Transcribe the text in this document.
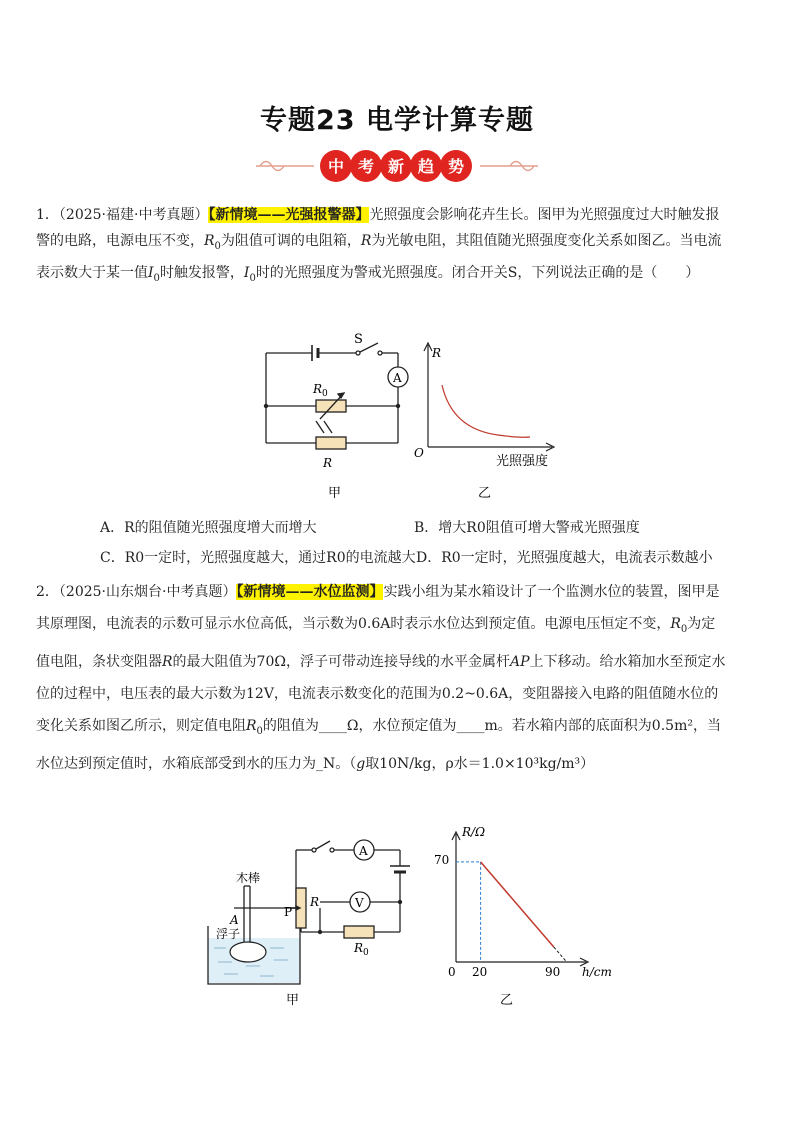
专题23 电学计算专题
中 考 新 趋 势

1．（2025·福建·中考真题）【新情境——光强报警器】光照强度会影响花卉生长。图甲为光照强度过大时触发报警的电路，电源电压不变，$R_0$为阻值可调的电阻箱，R为光敏电阻，其阻值随光照强度变化关系如图乙。当电流表示数大于某一值$I_0$时触发报警，$I_0$时的光照强度为警戒光照强度。闭合开关S，下列说法正确的是（　　）

S
A
$R_0$
R
甲
R
O
光照强度
乙
A．R的阻值随光照强度增大而增大	B．增大R0阻值可增大警戒光照强度
C．R0一定时，光照强度越大，通过R0的电流越大 D．R0一定时，光照强度越大，电流表示数越小

2．（2025·山东烟台·中考真题）【新情境——水位监测】实践小组为某水箱设计了一个监测水位的装置，图甲是其原理图，电流表的示数可显示水位高低，当示数为0.6A时表示水位达到预定值。电源电压恒定不变，$R_0$为定值电阻，条状变阻器R的最大阻值为70Ω，浮子可带动连接导线的水平金属杆AP上下移动。给水箱加水至预定水位的过程中，电压表的最大示数为12V，电流表示数变化的范围为0.2~0.6A，变阻器接入电路的阻值随水位的变化关系如图乙所示，则定值电阻$R_0$的阻值为____Ω，水位预定值为____m。若水箱内部的底面积为0.5m²，当水位达到预定值时，水箱底部受到水的压力为_N。（g取10N/kg，ρ水＝1.0×10³kg/m³）

木棒
A
浮子
P
R
A
V
$R_0$
甲
R/Ω
70
0 20	90 h/cm
乙
